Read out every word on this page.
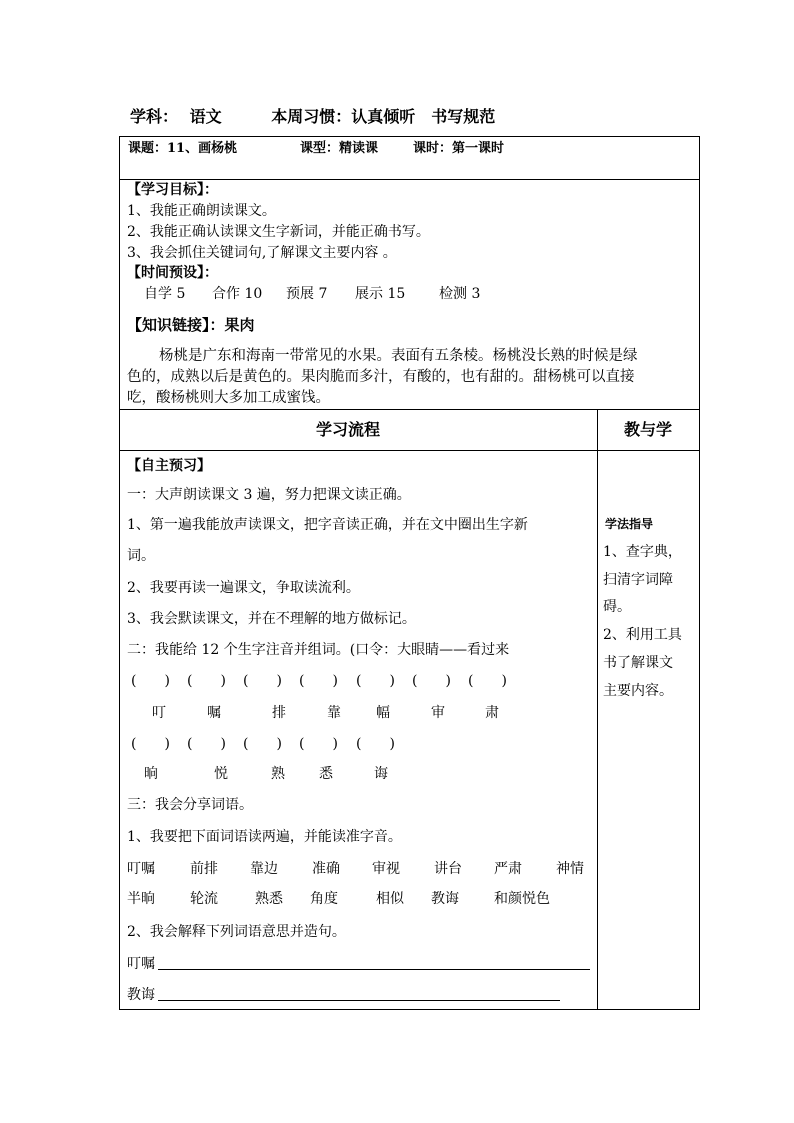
学科： 语文	本周习惯：认真倾听　书写规范
课题：11、画杨桃	课型：精读课	课时：第一课时
【学习目标】：
1、我能正确朗读课文。
2、我能正确认读课文生字新词，并能正确书写。
3、我会抓住关键词句,了解课文主要内容 。
【时间预设】：
自学 5 合作 10 预展 7 展示 15 检测 3
【知识链接】：果肉
杨桃是广东和海南一带常见的水果。表面有五条棱。杨桃没长熟的时候是绿
色的，成熟以后是黄色的。果肉脆而多汁，有酸的，也有甜的。甜杨桃可以直接
吃，酸杨桃则大多加工成蜜饯。
学习流程	教与学
【自主预习】
一：大声朗读课文 3 遍，努力把课文读正确。
1、第一遍我能放声读课文，把字音读正确，并在文中圈出生字新
词。
2、我要再读一遍课文，争取读流利。
3、我会默读课文，并在不理解的地方做标记。
二：我能给 12 个生字注音并组词。(口令：大眼睛——看过来
(　　) (　　) (　　) (　　) (　　) (　　) (　　)
叮	嘱	排	靠	幅	审	肃
(　　) (　　) (　　) (　　) (　　)
晌	悦	熟 悉	诲
三：我会分享词语。
1、我要把下面词语读两遍，并能读准字音。
叮嘱	前排 靠边 准确 审视 讲台 严肃 神情
半晌	轮流	熟悉 角度	相似 教诲	和颜悦色
2、我会解释下列词语意思并造句。
叮嘱
教诲
学法指导
1、查字典，
扫清字词障
碍。
2、利用工具
书了解课文
主要内容。
